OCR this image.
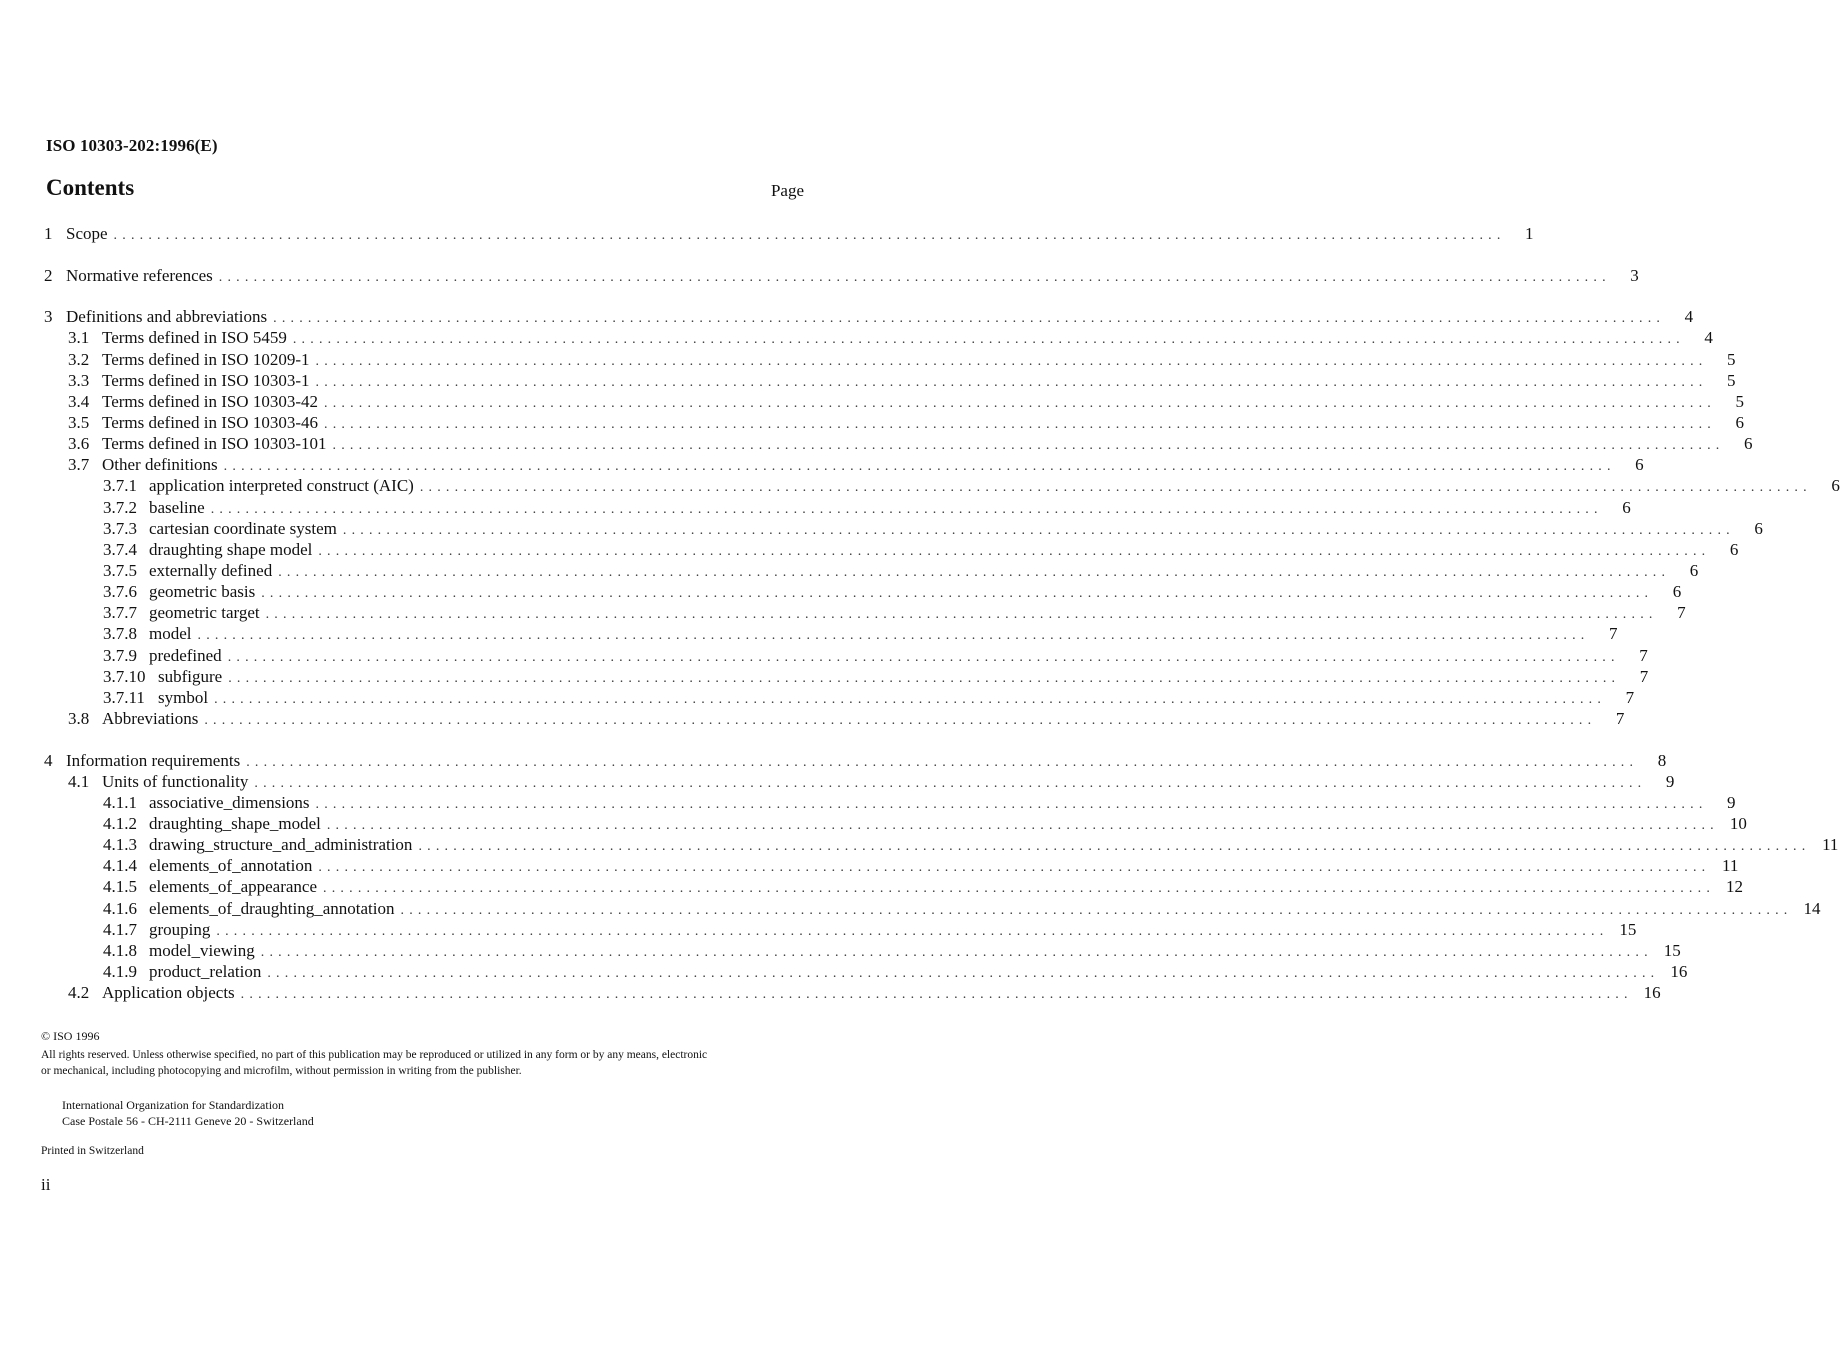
ISO 10303-202:1996(E)
Contents	Page
1 Scope ................................................................................................................................................................	1
2 Normative references ................................................................................................................................................................	3
3 Definitions and abbreviations ................................................................................................................................................................	4
3.1 Terms defined in ISO 5459 ................................................................................................................................................................	4
3.2 Terms defined in ISO 10209-1 ................................................................................................................................................................	5
3.3 Terms defined in ISO 10303-1 ................................................................................................................................................................	5
3.4 Terms defined in ISO 10303-42 ................................................................................................................................................................	5
3.5 Terms defined in ISO 10303-46 ................................................................................................................................................................	6
3.6 Terms defined in ISO 10303-101 ................................................................................................................................................................	6
3.7 Other definitions ................................................................................................................................................................	6
3.7.1 application interpreted construct (AIC) ................................................................................................................................................................	6
3.7.2 baseline ................................................................................................................................................................	6
3.7.3 cartesian coordinate system ................................................................................................................................................................	6
3.7.4 draughting shape model ................................................................................................................................................................	6
3.7.5 externally defined ................................................................................................................................................................	6
3.7.6 geometric basis ................................................................................................................................................................	6
3.7.7 geometric target ................................................................................................................................................................	7
3.7.8 model ................................................................................................................................................................	7
3.7.9 predefined ................................................................................................................................................................	7
3.7.10 subfigure ................................................................................................................................................................	7
3.7.11 symbol ................................................................................................................................................................	7
3.8 Abbreviations ................................................................................................................................................................	7
4 Information requirements ................................................................................................................................................................	8
4.1 Units of functionality ................................................................................................................................................................	9
4.1.1 associative_dimensions ................................................................................................................................................................	9
4.1.2 draughting_shape_model ................................................................................................................................................................ 10
4.1.3 drawing_structure_and_administration ................................................................................................................................................................ 11
4.1.4 elements_of_annotation ................................................................................................................................................................ 11
4.1.5 elements_of_appearance ................................................................................................................................................................ 12
4.1.6 elements_of_draughting_annotation ................................................................................................................................................................ 14
4.1.7 grouping ................................................................................................................................................................ 15
4.1.8 model_viewing ................................................................................................................................................................ 15
4.1.9 product_relation ................................................................................................................................................................ 16
4.2 Application objects ................................................................................................................................................................ 16
© ISO 1996
All rights reserved. Unless otherwise specified, no part of this publication may be reproduced or utilized in any form or by any means, electronic
or mechanical, including photocopying and microfilm, without permission in writing from the publisher.
International Organization for Standardization
Case Postale 56 - CH-2111 Geneve 20 - Switzerland
Printed in Switzerland
ii
